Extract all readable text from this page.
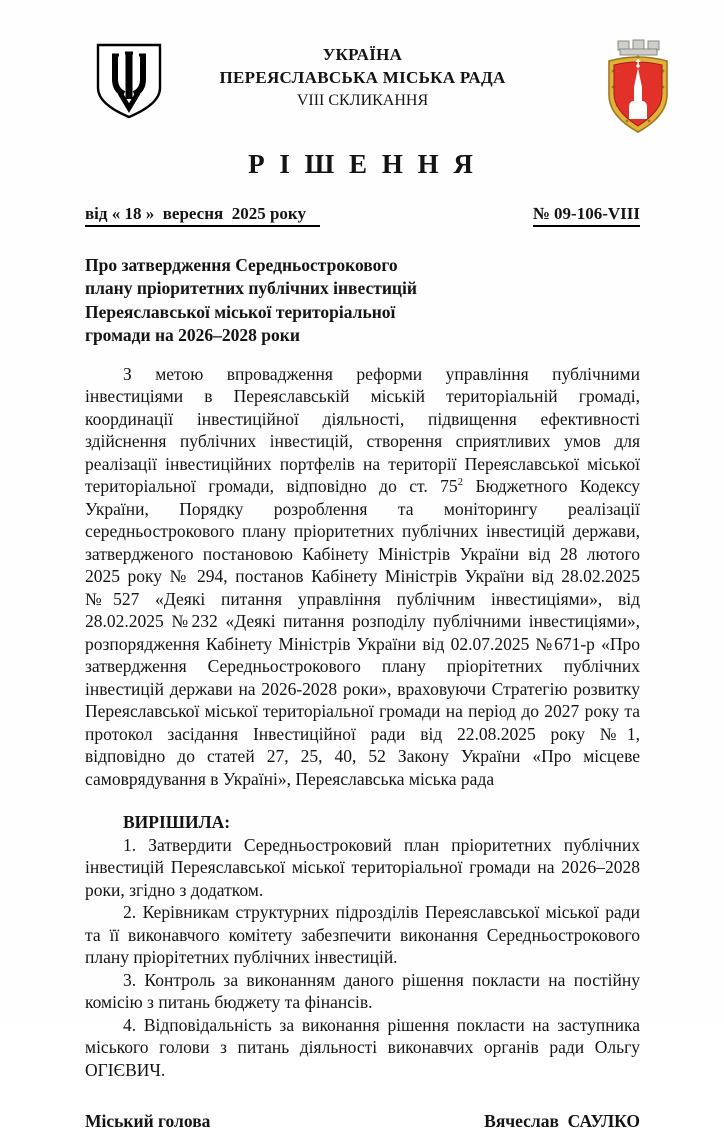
УКРАЇНА
ПЕРЕЯСЛАВСЬКА МІСЬКА РАДА
VIII СКЛИКАННЯ
Р І Ш Е Н Н Я
від « 18 »  вересня  2025 року	№ 09-106-VIII
Про затвердження Середньострокового
плану пріоритетних публічних інвестицій
Переяславської міської територіальної
громади на 2026–2028 роки

З метою впровадження реформи управління публічними інвестиціями в Переяславській міській територіальній громаді, координації інвестиційної діяльності, підвищення ефективності здійснення публічних інвестицій, створення сприятливих умов для реалізації інвестиційних портфелів на території Переяславської міської територіальної громади, відповідно до ст. $75^2$ Бюджетного Кодексу України, Порядку розроблення та моніторингу реалізації середньострокового плану пріоритетних публічних інвестицій держави, затвердженого постановою Кабінету Міністрів України від 28 лютого 2025 року № 294, постанов Кабінету Міністрів України від 28.02.2025 №527 «Деякі питання управління публічним інвестиціями», від 28.02.2025 №232 «Деякі питання розподілу публічними інвестиціями», розпорядження Кабінету Міністрів України від 02.07.2025 №671-р «Про затвердження Середньострокового плану пріорітетних публічних інвестицій держави на 2026-2028 роки», враховуючи Стратегію розвитку Переяславської міської територіальної громади на період до 2027 року та протокол засідання Інвестиційної ради від 22.08.2025 року №1, відповідно до статей 27, 25, 40, 52 Закону України «Про місцеве самоврядування в Україні», Переяславська міська рада

ВИРІШИЛА:

1. Затвердити Середньостроковий план пріоритетних публічних інвестицій Переяславської міської територіальної громади на 2026–2028 роки, згідно з додатком.

2. Керівникам структурних підрозділів Переяславської міської ради та її виконавчого комітету забезпечити виконання Середньострокового плану пріорітетних публічних інвестицій.

3. Контроль за виконанням даного рішення покласти на постійну комісію з питань бюджету та фінансів.

4. Відповідальність за виконання рішення покласти на заступника міського голови з питань діяльності виконавчих органів ради Ольгу ОГІЄВИЧ.

Міський голова	Вячеслав  САУЛКО
